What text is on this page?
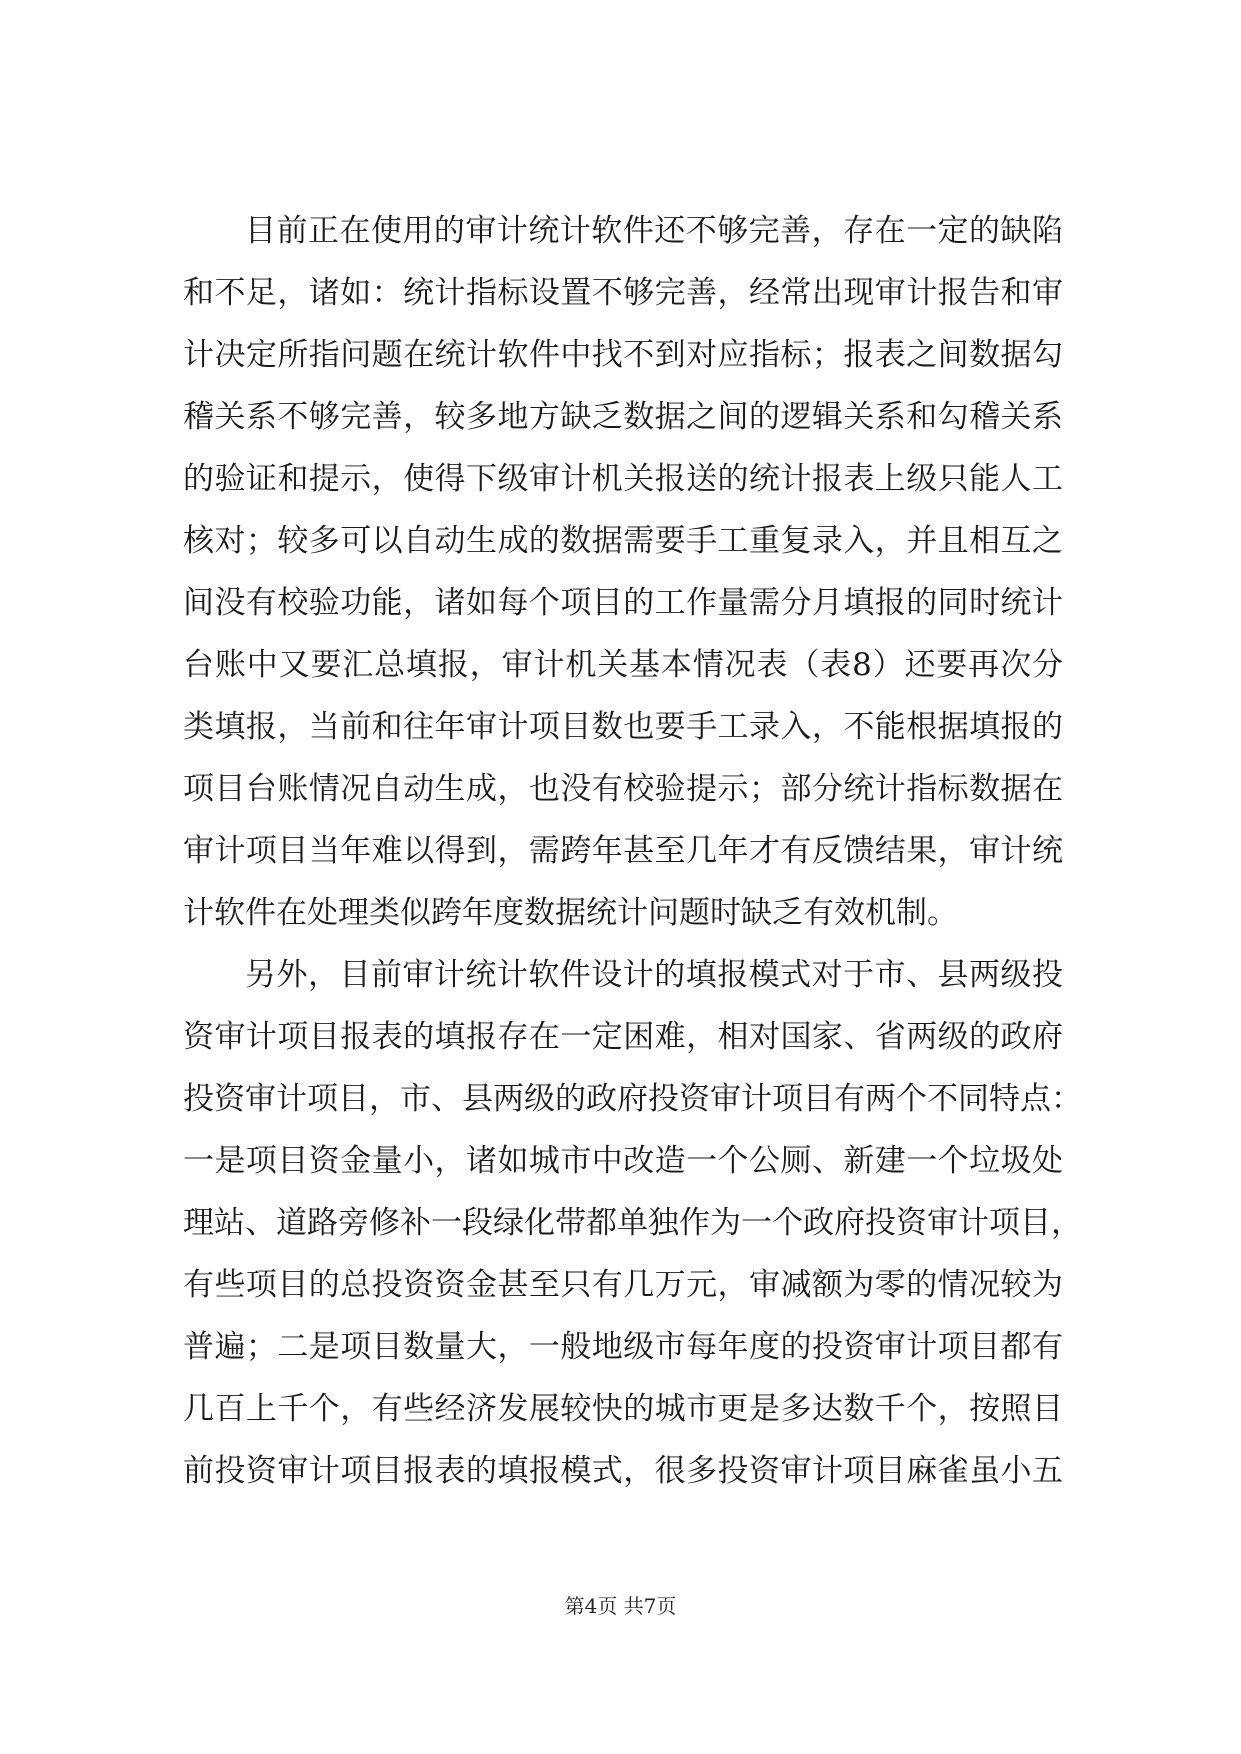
目前正在使用的审计统计软件还不够完善，存在一定的缺陷
和不足，诸如：统计指标设置不够完善，经常出现审计报告和审
计决定所指问题在统计软件中找不到对应指标；报表之间数据勾
稽关系不够完善，较多地方缺乏数据之间的逻辑关系和勾稽关系
的验证和提示，使得下级审计机关报送的统计报表上级只能人工
核对；较多可以自动生成的数据需要手工重复录入，并且相互之
间没有校验功能，诸如每个项目的工作量需分月填报的同时统计
台账中又要汇总填报，审计机关基本情况表（表8）还要再次分
类填报，当前和往年审计项目数也要手工录入，不能根据填报的
项目台账情况自动生成，也没有校验提示；部分统计指标数据在
审计项目当年难以得到，需跨年甚至几年才有反馈结果，审计统
计软件在处理类似跨年度数据统计问题时缺乏有效机制。
另外，目前审计统计软件设计的填报模式对于市、县两级投
资审计项目报表的填报存在一定困难，相对国家、省两级的政府
投资审计项目，市、县两级的政府投资审计项目有两个不同特点：
一是项目资金量小，诸如城市中改造一个公厕、新建一个垃圾处
理站、道路旁修补一段绿化带都单独作为一个政府投资审计项目，
有些项目的总投资资金甚至只有几万元，审减额为零的情况较为
普遍；二是项目数量大，一般地级市每年度的投资审计项目都有
几百上千个，有些经济发展较快的城市更是多达数千个，按照目
前投资审计项目报表的填报模式，很多投资审计项目麻雀虽小五
第4页 共7页
